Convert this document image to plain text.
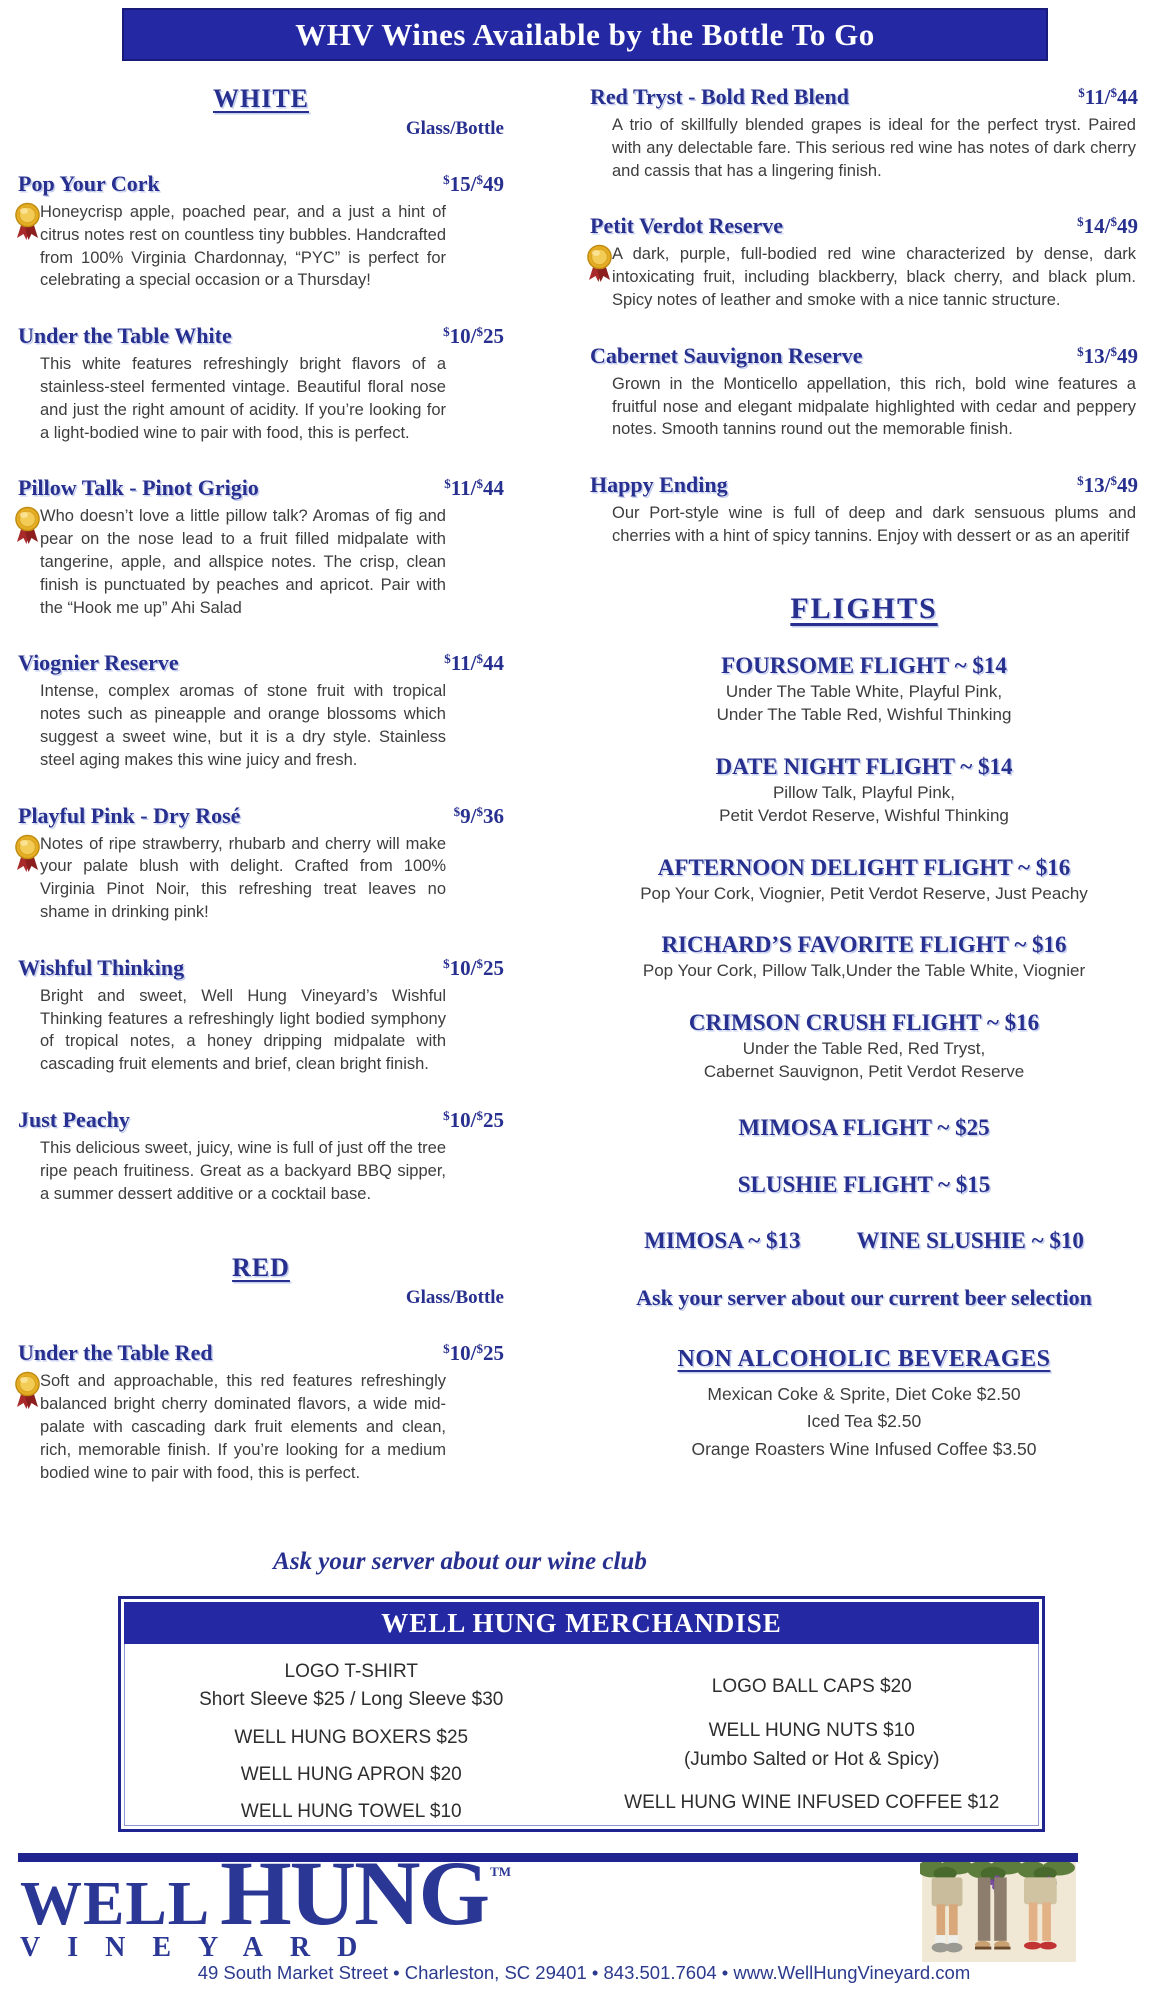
WHV Wines Available by the Bottle To Go
WHITE
Glass/Bottle
Pop Your Cork	$15/$49
Honeycrisp apple, poached pear, and a just a hint of citrus notes rest on countless tiny bubbles. Handcrafted from 100% Virginia Chardonnay, “PYC” is perfect for celebrating a special occasion or a Thursday!
Under the Table White	$10/$25
This white features refreshingly bright flavors of a stainless-steel fermented vintage. Beautiful floral nose and just the right amount of acidity. If you’re looking for a light-bodied wine to pair with food, this is perfect.
Pillow Talk - Pinot Grigio	$11/$44
Who doesn’t love a little pillow talk? Aromas of fig and pear on the nose lead to a fruit filled midpalate with tangerine, apple, and allspice notes. The crisp, clean finish is punctuated by peaches and apricot. Pair with the “Hook me up” Ahi Salad
Viognier Reserve	$11/$44
Intense, complex aromas of stone fruit with tropical notes such as pineapple and orange blossoms which suggest a sweet wine, but it is a dry style. Stainless steel aging makes this wine juicy and fresh.
Playful Pink - Dry Rosé	$9/$36
Notes of ripe strawberry, rhubarb and cherry will make your palate blush with delight. Crafted from 100% Virginia Pinot Noir, this refreshing treat leaves no shame in drinking pink!
Wishful Thinking	$10/$25
Bright and sweet, Well Hung Vineyard’s Wishful Thinking features a refreshingly light bodied symphony of tropical notes, a honey dripping midpalate with cascading fruit elements and brief, clean bright finish.
Just Peachy	$10/$25
This delicious sweet, juicy, wine is full of just off the tree ripe peach fruitiness. Great as a backyard BBQ sipper, a summer dessert additive or a cocktail base.
RED
Glass/Bottle
Under the Table Red	$10/$25
Soft and approachable, this red features refreshingly balanced bright cherry dominated flavors, a wide mid-palate with cascading dark fruit elements and clean, rich, memorable finish. If you’re looking for a medium bodied wine to pair with food, this is perfect.
Red Tryst - Bold Red Blend	$11/$44
A trio of skillfully blended grapes is ideal for the perfect tryst. Paired with any delectable fare. This serious red wine has notes of dark cherry and cassis that has a lingering finish.
Petit Verdot Reserve	$14/$49
A dark, purple, full-bodied red wine characterized by dense, dark intoxicating fruit, including blackberry, black cherry, and black plum. Spicy notes of leather and smoke with a nice tannic structure.
Cabernet Sauvignon Reserve	$13/$49
Grown in the Monticello appellation, this rich, bold wine features a fruitful nose and elegant midpalate highlighted with cedar and peppery notes. Smooth tannins round out the memorable finish.
Happy Ending	$13/$49
Our Port-style wine is full of deep and dark sensuous plums and cherries with a hint of spicy tannins. Enjoy with dessert or as an aperitif
FLIGHTS
FOURSOME FLIGHT ~ $14
Under The Table White, Playful Pink,
Under The Table Red, Wishful Thinking
DATE NIGHT FLIGHT ~ $14
Pillow Talk, Playful Pink,
Petit Verdot Reserve, Wishful Thinking
AFTERNOON DELIGHT FLIGHT ~ $16
Pop Your Cork, Viognier, Petit Verdot Reserve, Just Peachy
RICHARD’S FAVORITE FLIGHT ~ $16
Pop Your Cork, Pillow Talk,Under the Table White, Viognier
CRIMSON CRUSH FLIGHT ~ $16
Under the Table Red, Red Tryst,
Cabernet Sauvignon, Petit Verdot Reserve
MIMOSA FLIGHT ~ $25
SLUSHIE FLIGHT ~ $15
MIMOSA ~ $13 WINE SLUSHIE ~ $10
Ask your server about our current beer selection
NON ALCOHOLIC BEVERAGES
Mexican Coke & Sprite, Diet Coke $2.50
Iced Tea $2.50
Orange Roasters Wine Infused Coffee $3.50
Ask your server about our wine club
WELL HUNG MERCHANDISE
LOGO T-SHIRT
Short Sleeve $25 / Long Sleeve $30
WELL HUNG BOXERS $25
WELL HUNG APRON $20
WELL HUNG TOWEL $10
LOGO BALL CAPS $20
WELL HUNG NUTS $10
(Jumbo Salted or Hot & Spicy)
WELL HUNG WINE INFUSED COFFEE $12
WELL HUNG TM
VINEYARD
49 South Market Street • Charleston, SC 29401 • 843.501.7604 • www.WellHungVineyard.com
